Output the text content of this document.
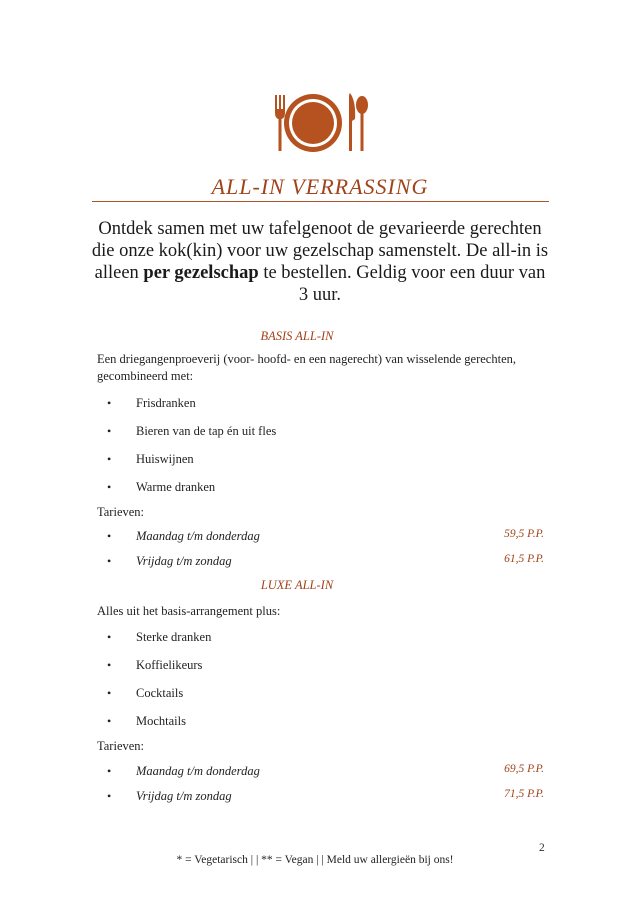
ALL-IN VERRASSING
Ontdek samen met uw tafelgenoot de gevarieerde gerechten die onze kok(kin) voor uw gezelschap samenstelt. De all-in is alleen per gezelschap te bestellen. Geldig voor een duur van 3 uur.
BASIS ALL-IN
Een driegangenproeverij (voor- hoofd- en een nagerecht) van wisselende gerechten, gecombineerd met:
• Frisdranken
• Bieren van de tap én uit fles
• Huiswijnen
• Warme dranken
Tarieven:
• Maandag t/m donderdag	59,5 P.P.
• Vrijdag t/m zondag	61,5 P.P.
LUXE ALL-IN
Alles uit het basis-arrangement plus:
• Sterke dranken
• Koffielikeurs
• Cocktails
• Mochtails
Tarieven:
• Maandag t/m donderdag	69,5 P.P.
• Vrijdag t/m zondag	71,5 P.P.
2
* = Vegetarisch | | ** = Vegan | | Meld uw allergieën bij ons!
